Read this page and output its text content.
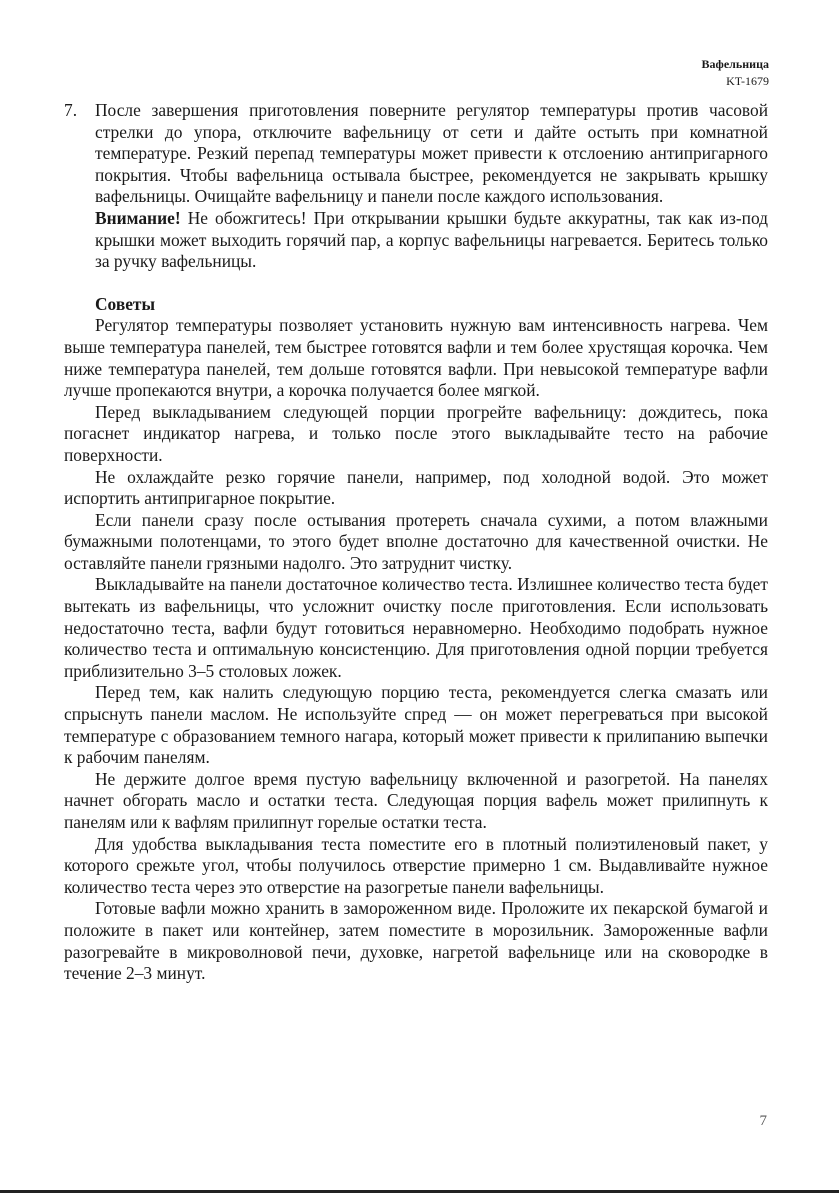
Вафельница
KT-1679
7.	После завершения приготовления поверните регулятор температуры против часовой стрелки до упора, отключите вафельницу от сети и дайте остыть при комнатной температуре. Резкий перепад температуры может привести к отслоению антипригарного покрытия. Чтобы вафельница остывала быстрее, рекомендуется не закрывать крышку вафельницы. Очищайте вафельницу и панели после каждого использования.

Внимание! Не обожгитесь! При открывании крышки будьте аккуратны, так как из-под крышки может выходить горячий пар, а корпус вафельницы нагревается. Беритесь только за ручку вафельницы.

Советы

Регулятор температуры позволяет установить нужную вам интенсивность нагрева. Чем выше температура панелей, тем быстрее готовятся вафли и тем более хрустящая корочка. Чем ниже температура панелей, тем дольше готовятся вафли. При невысокой температуре вафли лучше пропекаются внутри, а корочка получается более мягкой.

Перед выкладыванием следующей порции прогрейте вафельницу: дождитесь, пока погаснет индикатор нагрева, и только после этого выкладывайте тесто на рабочие поверхности.

Не охлаждайте резко горячие панели, например, под холодной водой. Это может испортить антипригарное покрытие.

Если панели сразу после остывания протереть сначала сухими, а потом влажными бумажными полотенцами, то этого будет вполне достаточно для качественной очистки. Не оставляйте панели грязными надолго. Это затруднит чистку.

Выкладывайте на панели достаточное количество теста. Излишнее количество теста будет вытекать из вафельницы, что усложнит очистку после приготовления. Если использовать недостаточно теста, вафли будут готовиться неравномерно. Необходимо подобрать нужное количество теста и оптимальную консистенцию. Для приготовления одной порции требуется приблизительно 3–5 столовых ложек.

Перед тем, как налить следующую порцию теста, рекомендуется слегка смазать или спрыснуть панели маслом. Не используйте спред — он может перегреваться при высокой температуре с образованием темного нагара, который может привести к прилипанию выпечки к рабочим панелям.

Не держите долгое время пустую вафельницу включенной и разогретой. На панелях начнет обгорать масло и остатки теста. Следующая порция вафель может прилипнуть к панелям или к вафлям прилипнут горелые остатки теста.

Для удобства выкладывания теста поместите его в плотный полиэтиленовый пакет, у которого срежьте угол, чтобы получилось отверстие примерно 1 см. Выдавливайте нужное количество теста через это отверстие на разогретые панели вафельницы.

Готовые вафли можно хранить в замороженном виде. Проложите их пекарской бумагой и положите в пакет или контейнер, затем поместите в морозильник. Замороженные вафли разогревайте в микроволновой печи, духовке, нагретой вафельнице или на сковородке в течение 2–3 минут.

7
